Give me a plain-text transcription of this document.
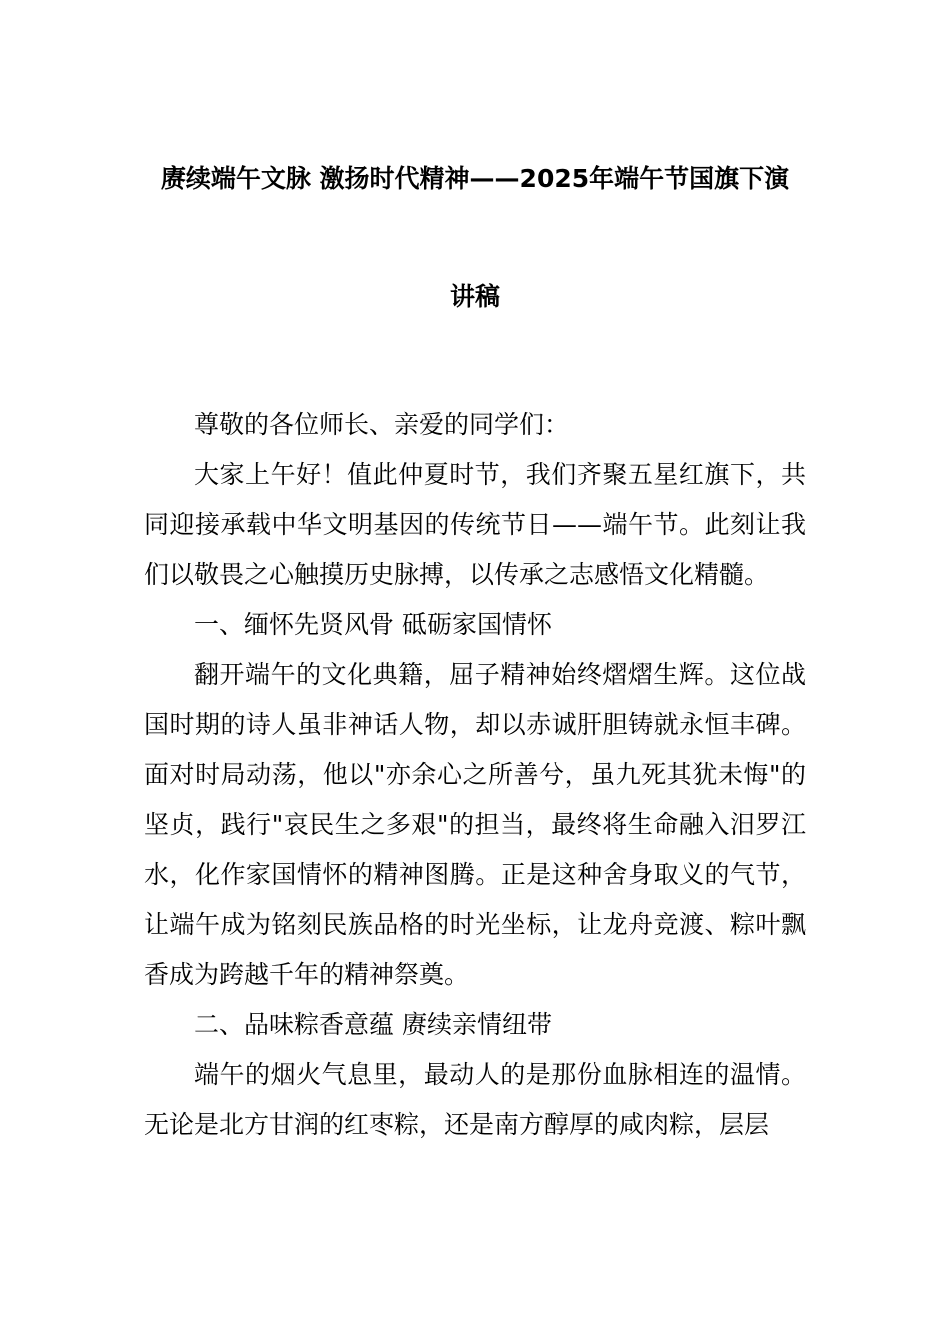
赓续端午文脉 激扬时代精神——2025年端午节国旗下演
讲稿

尊敬的各位师长、亲爱的同学们：

大家上午好！值此仲夏时节，我们齐聚五星红旗下，共同迎接承载中华文明基因的传统节日——端午节。此刻让我们以敬畏之心触摸历史脉搏，以传承之志感悟文化精髓。

一、缅怀先贤风骨 砥砺家国情怀

翻开端午的文化典籍，屈子精神始终熠熠生辉。这位战国时期的诗人虽非神话人物，却以赤诚肝胆铸就永恒丰碑。面对时局动荡，他以"亦余心之所善兮，虽九死其犹未悔"的坚贞，践行"哀民生之多艰"的担当，最终将生命融入汨罗江水，化作家国情怀的精神图腾。正是这种舍身取义的气节，让端午成为铭刻民族品格的时光坐标，让龙舟竞渡、粽叶飘香成为跨越千年的精神祭奠。

二、品味粽香意蕴 赓续亲情纽带

端午的烟火气息里，最动人的是那份血脉相连的温情。无论是北方甘润的红枣粽，还是南方醇厚的咸肉粽，层层
